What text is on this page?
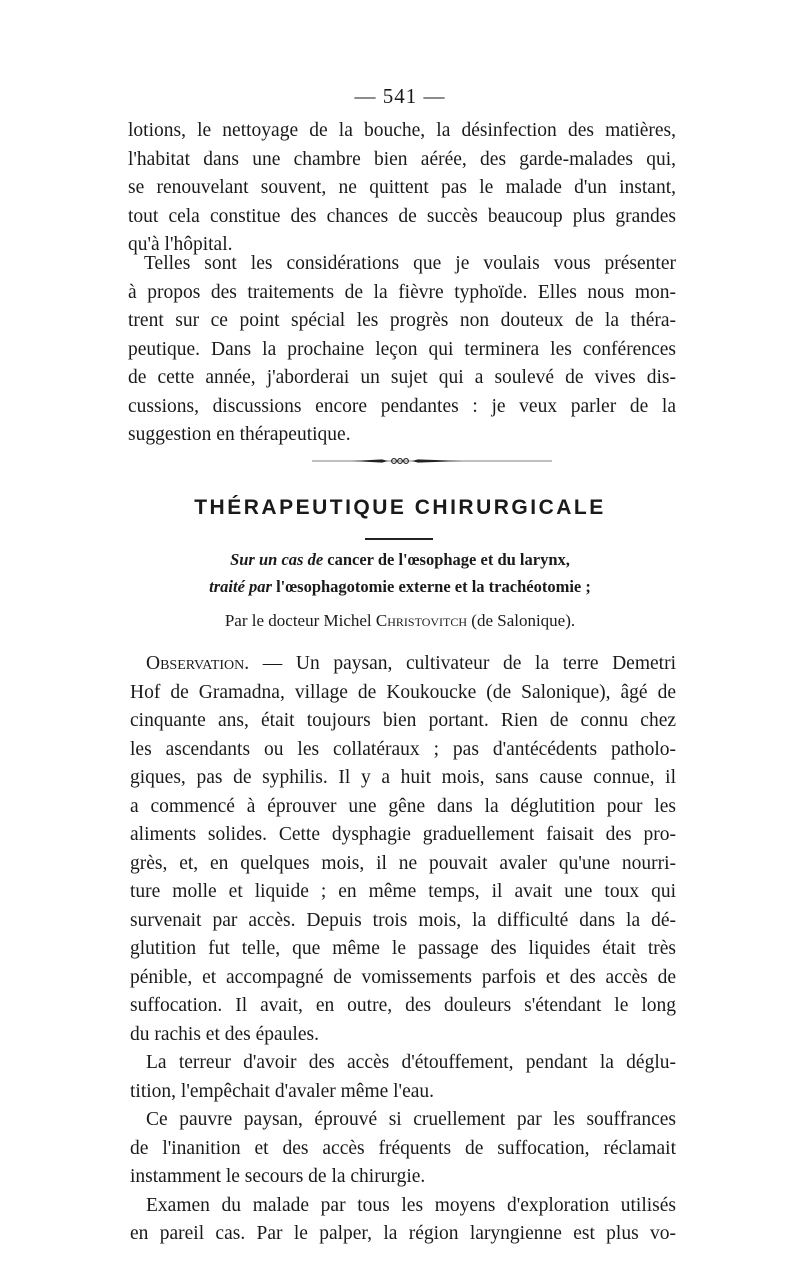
— 541 —

lotions, le nettoyage de la bouche, la désinfection des matières,

l'habitat dans une chambre bien aérée, des garde-malades qui,

se renouvelant souvent, ne quittent pas le malade d'un instant,

tout cela constitue des chances de succès beaucoup plus grandes

qu'à l'hôpital.

Telles sont les considérations que je voulais vous présenter

à propos des traitements de la fièvre typhoïde. Elles nous mon-

trent sur ce point spécial les progrès non douteux de la théra-

peutique. Dans la prochaine leçon qui terminera les conférences

de cette année, j'aborderai un sujet qui a soulevé de vives dis-

cussions, discussions encore pendantes : je veux parler de la

suggestion en thérapeutique.

THÉRAPEUTIQUE CHIRURGICALE
Sur un cas de cancer de l'œsophage et du larynx,
traité par l'œsophagotomie externe et la trachéotomie ;
Par le docteur Michel Christovitch (de Salonique).

Observation. — Un paysan, cultivateur de la terre Demetri

Hof de Gramadna, village de Koukoucke (de Salonique), âgé de

cinquante ans, était toujours bien portant. Rien de connu chez

les ascendants ou les collatéraux ; pas d'antécédents patholo-

giques, pas de syphilis. Il y a huit mois, sans cause connue, il

a commencé à éprouver une gêne dans la déglutition pour les

aliments solides. Cette dysphagie graduellement faisait des pro-

grès, et, en quelques mois, il ne pouvait avaler qu'une nourri-

ture molle et liquide ; en même temps, il avait une toux qui

survenait par accès. Depuis trois mois, la difficulté dans la dé-

glutition fut telle, que même le passage des liquides était très

pénible, et accompagné de vomissements parfois et des accès de

suffocation. Il avait, en outre, des douleurs s'étendant le long

du rachis et des épaules.

La terreur d'avoir des accès d'étouffement, pendant la déglu-

tition, l'empêchait d'avaler même l'eau.

Ce pauvre paysan, éprouvé si cruellement par les souffrances

de l'inanition et des accès fréquents de suffocation, réclamait

instamment le secours de la chirurgie.

Examen du malade par tous les moyens d'exploration utilisés

en pareil cas. Par le palper, la région laryngienne est plus vo-
